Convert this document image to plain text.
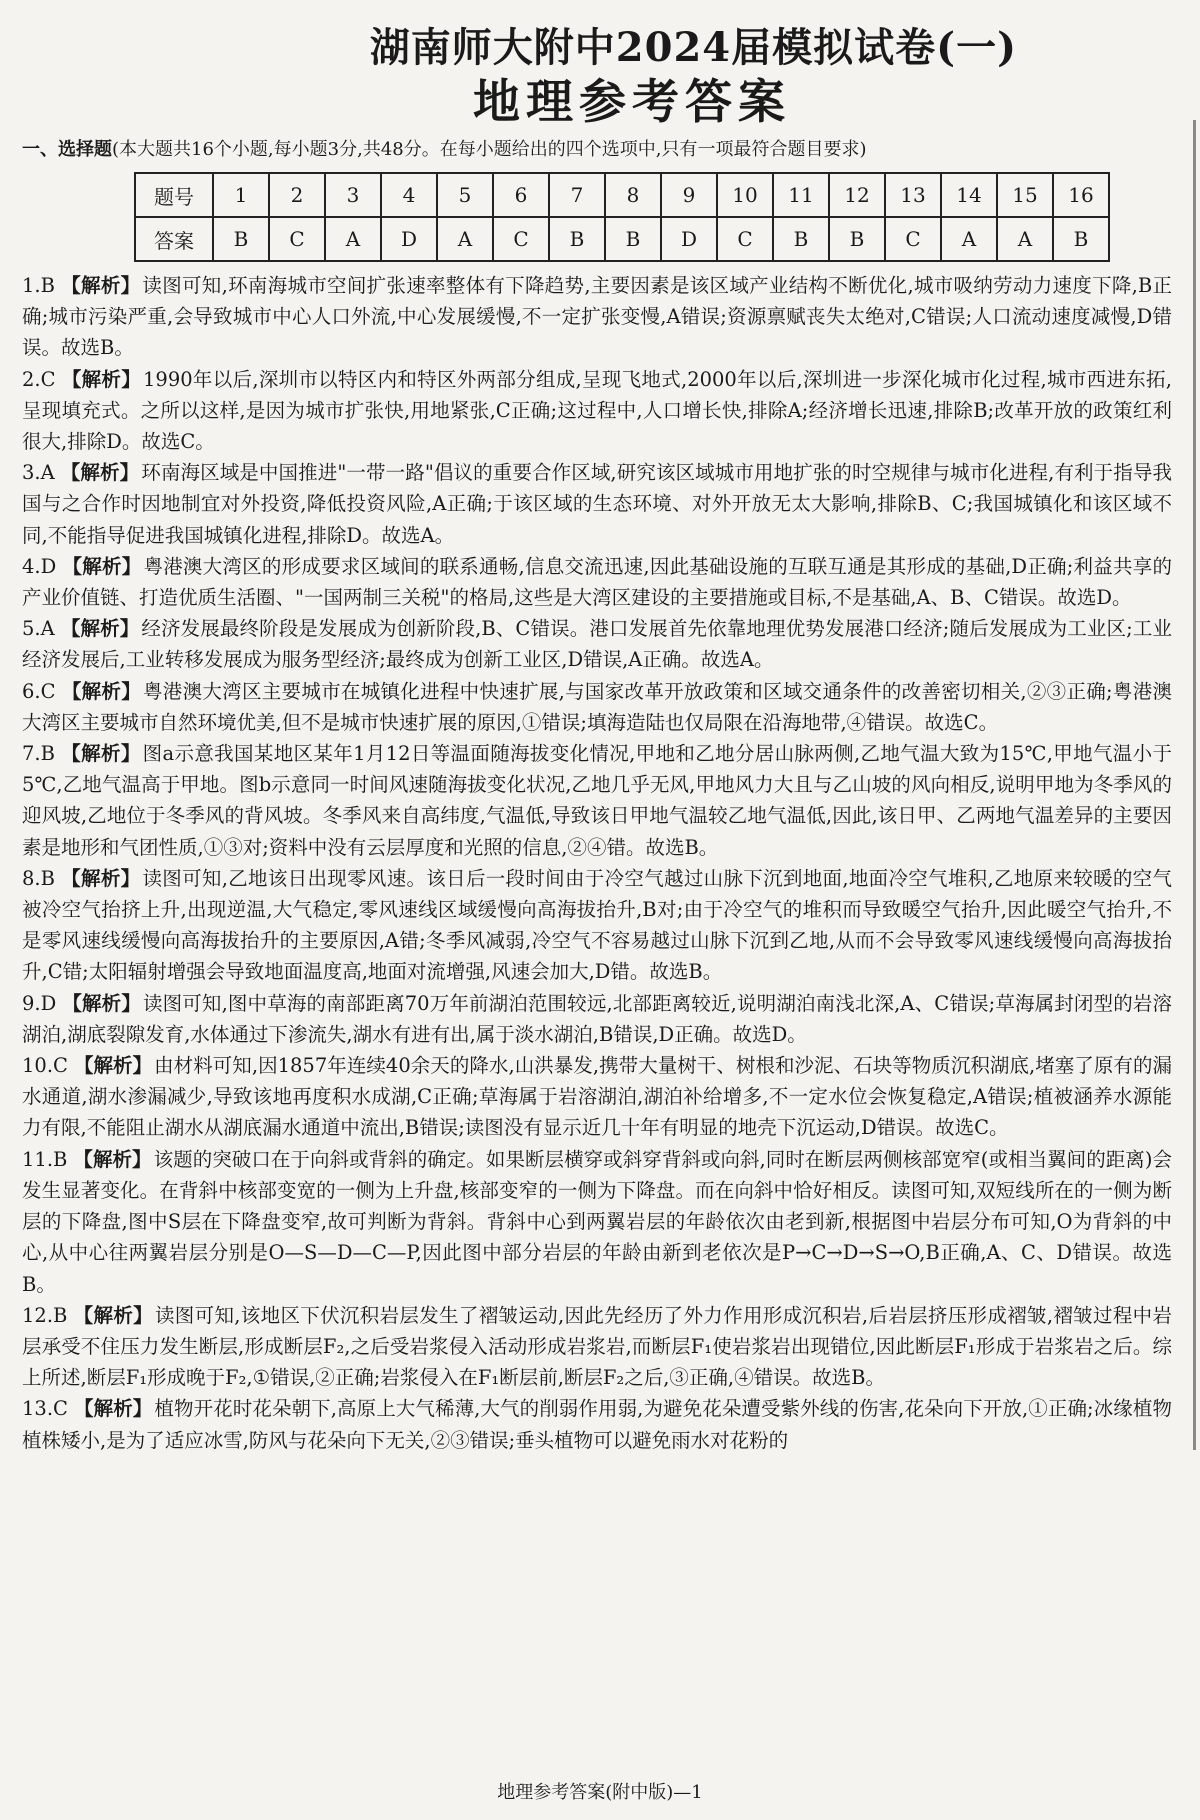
湖南师大附中2024届模拟试卷(一)
地理参考答案
一、选择题(本大题共16个小题,每小题3分,共48分。在每小题给出的四个选项中,只有一项最符合题目要求)
题号	1	2	3	4	5	6	7	8	9	10	11	12	13	14	15	16
答案	B	C	A	D	A	C	B	B	D	C	B	B	C	A	A	B
1.B 【解析】 读图可知,环南海城市空间扩张速率整体有下降趋势,主要因素是该区域产业结构不断优化,城市吸纳劳动力速度下降,B正确;城市污染严重,会导致城市中心人口外流,中心发展缓慢,不一定扩张变慢,A错误;资源禀赋丧失太绝对,C错误;人口流动速度减慢,D错误。故选B。
2.C 【解析】 1990年以后,深圳市以特区内和特区外两部分组成,呈现飞地式,2000年以后,深圳进一步深化城市化过程,城市西进东拓,呈现填充式。之所以这样,是因为城市扩张快,用地紧张,C正确;这过程中,人口增长快,排除A;经济增长迅速,排除B;改革开放的政策红利很大,排除D。故选C。
3.A 【解析】 环南海区域是中国推进"一带一路"倡议的重要合作区域,研究该区域城市用地扩张的时空规律与城市化进程,有利于指导我国与之合作时因地制宜对外投资,降低投资风险,A正确;于该区域的生态环境、对外开放无太大影响,排除B、C;我国城镇化和该区域不同,不能指导促进我国城镇化进程,排除D。故选A。
4.D 【解析】 粤港澳大湾区的形成要求区域间的联系通畅,信息交流迅速,因此基础设施的互联互通是其形成的基础,D正确;利益共享的产业价值链、打造优质生活圈、"一国两制三关税"的格局,这些是大湾区建设的主要措施或目标,不是基础,A、B、C错误。故选D。
5.A 【解析】 经济发展最终阶段是发展成为创新阶段,B、C错误。港口发展首先依靠地理优势发展港口经济;随后发展成为工业区;工业经济发展后,工业转移发展成为服务型经济;最终成为创新工业区,D错误,A正确。故选A。
6.C 【解析】 粤港澳大湾区主要城市在城镇化进程中快速扩展,与国家改革开放政策和区域交通条件的改善密切相关,②③正确;粤港澳大湾区主要城市自然环境优美,但不是城市快速扩展的原因,①错误;填海造陆也仅局限在沿海地带,④错误。故选C。
7.B 【解析】 图a示意我国某地区某年1月12日等温面随海拔变化情况,甲地和乙地分居山脉两侧,乙地气温大致为15℃,甲地气温小于5℃,乙地气温高于甲地。图b示意同一时间风速随海拔变化状况,乙地几乎无风,甲地风力大且与乙山坡的风向相反,说明甲地为冬季风的迎风坡,乙地位于冬季风的背风坡。冬季风来自高纬度,气温低,导致该日甲地气温较乙地气温低,因此,该日甲、乙两地气温差异的主要因素是地形和气团性质,①③对;资料中没有云层厚度和光照的信息,②④错。故选B。
8.B 【解析】 读图可知,乙地该日出现零风速。该日后一段时间由于冷空气越过山脉下沉到地面,地面冷空气堆积,乙地原来较暖的空气被冷空气抬挤上升,出现逆温,大气稳定,零风速线区域缓慢向高海拔抬升,B对;由于冷空气的堆积而导致暖空气抬升,因此暖空气抬升,不是零风速线缓慢向高海拔抬升的主要原因,A错;冬季风减弱,冷空气不容易越过山脉下沉到乙地,从而不会导致零风速线缓慢向高海拔抬升,C错;太阳辐射增强会导致地面温度高,地面对流增强,风速会加大,D错。故选B。
9.D 【解析】 读图可知,图中草海的南部距离70万年前湖泊范围较远,北部距离较近,说明湖泊南浅北深,A、C错误;草海属封闭型的岩溶湖泊,湖底裂隙发育,水体通过下渗流失,湖水有进有出,属于淡水湖泊,B错误,D正确。故选D。
10.C 【解析】 由材料可知,因1857年连续40余天的降水,山洪暴发,携带大量树干、树根和沙泥、石块等物质沉积湖底,堵塞了原有的漏水通道,湖水渗漏减少,导致该地再度积水成湖,C正确;草海属于岩溶湖泊,湖泊补给增多,不一定水位会恢复稳定,A错误;植被涵养水源能力有限,不能阻止湖水从湖底漏水通道中流出,B错误;读图没有显示近几十年有明显的地壳下沉运动,D错误。故选C。
11.B 【解析】 该题的突破口在于向斜或背斜的确定。如果断层横穿或斜穿背斜或向斜,同时在断层两侧核部宽窄(或相当翼间的距离)会发生显著变化。在背斜中核部变宽的一侧为上升盘,核部变窄的一侧为下降盘。而在向斜中恰好相反。读图可知,双短线所在的一侧为断层的下降盘,图中S层在下降盘变窄,故可判断为背斜。背斜中心到两翼岩层的年龄依次由老到新,根据图中岩层分布可知,O为背斜的中心,从中心往两翼岩层分别是O—S—D—C—P,因此图中部分岩层的年龄由新到老依次是P→C→D→S→O,B正确,A、C、D错误。故选B。
12.B 【解析】 读图可知,该地区下伏沉积岩层发生了褶皱运动,因此先经历了外力作用形成沉积岩,后岩层挤压形成褶皱,褶皱过程中岩层承受不住压力发生断层,形成断层F₂,之后受岩浆侵入活动形成岩浆岩,而断层F₁使岩浆岩出现错位,因此断层F₁形成于岩浆岩之后。综上所述,断层F₁形成晚于F₂,①错误,②正确;岩浆侵入在F₁断层前,断层F₂之后,③正确,④错误。故选B。
13.C 【解析】 植物开花时花朵朝下,高原上大气稀薄,大气的削弱作用弱,为避免花朵遭受紫外线的伤害,花朵向下开放,①正确;冰缘植物植株矮小,是为了适应冰雪,防风与花朵向下无关,②③错误;垂头植物可以避免雨水对花粉的
地理参考答案(附中版)—1
